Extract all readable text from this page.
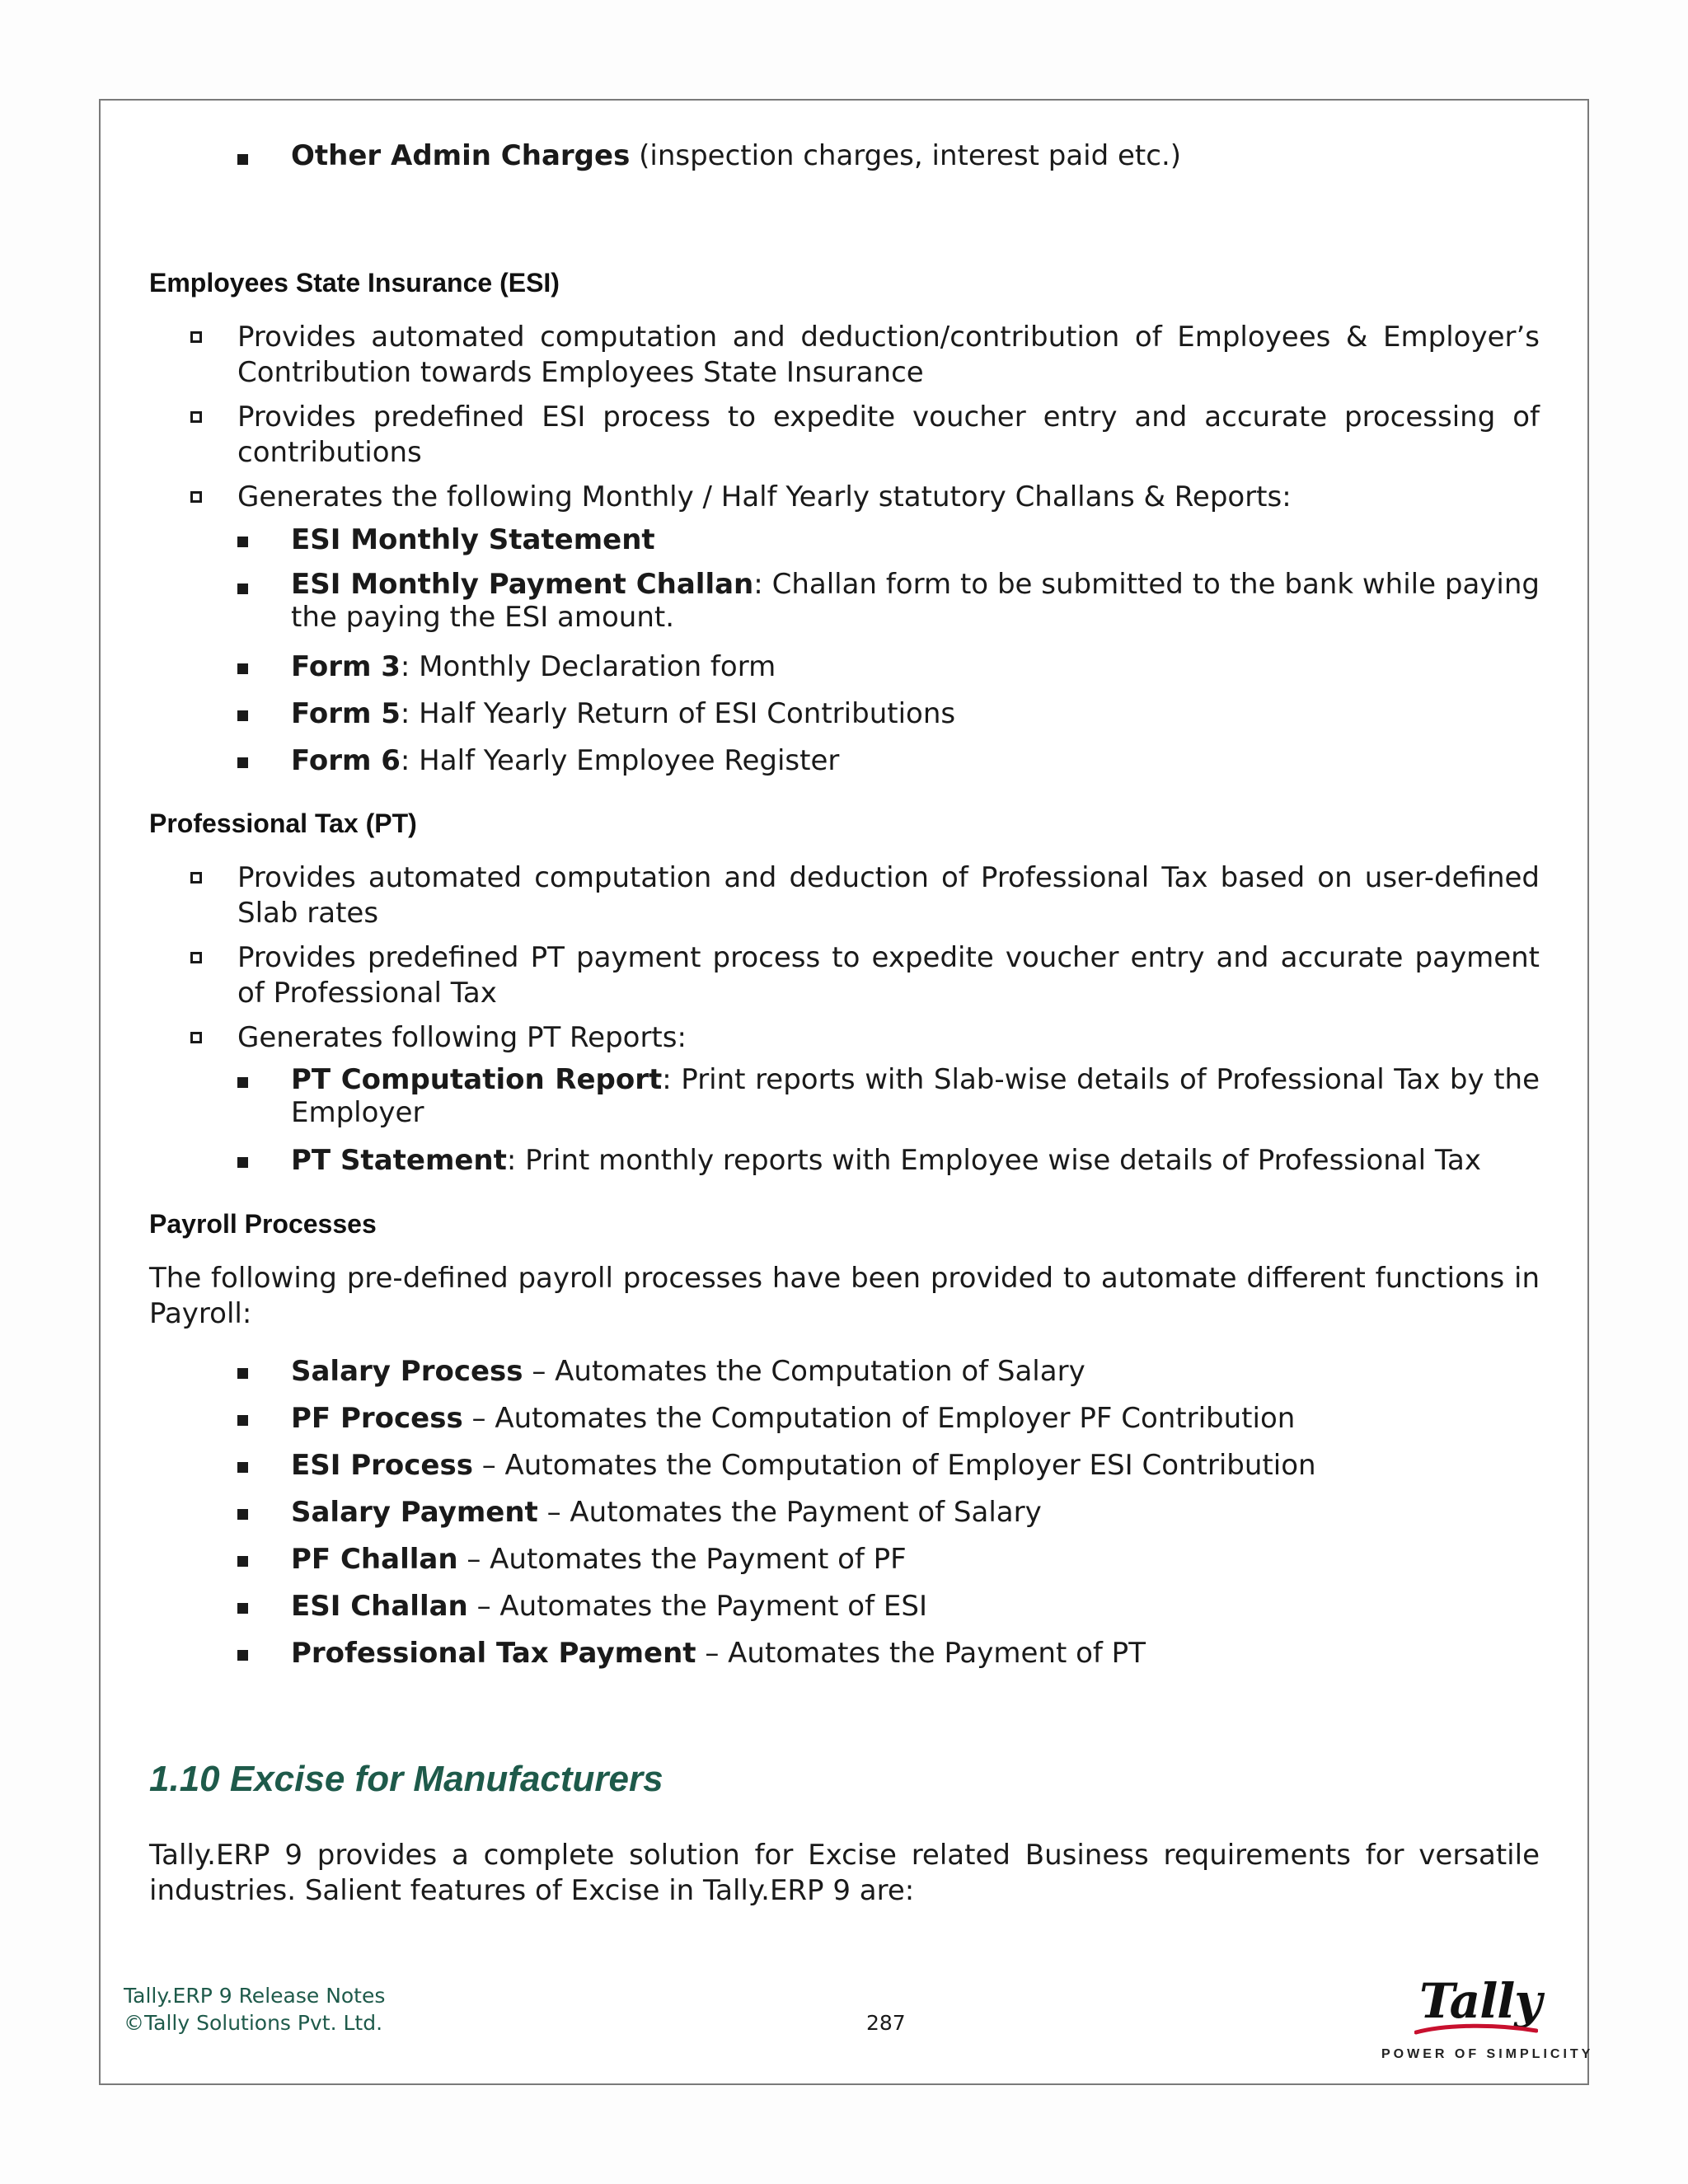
Other Admin Charges (inspection charges, interest paid etc.)
Employees State Insurance (ESI)
Provides automated computation and deduction/contribution of Employees & Employer’s Contribution towards Employees State Insurance
Provides predefined ESI process to expedite voucher entry and accurate processing of contributions
Generates the following Monthly / Half Yearly statutory Challans & Reports:
ESI Monthly Statement
ESI Monthly Payment Challan: Challan form to be submitted to the bank while paying the paying the ESI amount.
Form 3: Monthly Declaration form
Form 5: Half Yearly Return of ESI Contributions
Form 6: Half Yearly Employee Register
Professional Tax (PT)
Provides automated computation and deduction of Professional Tax based on user-defined Slab rates
Provides predefined PT payment process to expedite voucher entry and accurate payment of Professional Tax
Generates following PT Reports:
PT Computation Report: Print reports with Slab-wise details of Professional Tax by the Employer
PT Statement: Print monthly reports with Employee wise details of Professional Tax
Payroll Processes
The following pre-defined payroll processes have been provided to automate different functions in Payroll:
Salary Process – Automates the Computation of Salary
PF Process – Automates the Computation of Employer PF Contribution
ESI Process – Automates the Computation of Employer ESI Contribution
Salary Payment – Automates the Payment of Salary
PF Challan – Automates the Payment of PF
ESI Challan – Automates the Payment of ESI
Professional Tax Payment – Automates the Payment of PT
1.10 Excise for Manufacturers
Tally.ERP 9 provides a complete solution for Excise related Business requirements for versatile industries. Salient features of Excise in Tally.ERP 9 are:
Tally.ERP 9 Release Notes
©Tally Solutions Pvt. Ltd.	287	Tally
POWER OF SIMPLICITY
